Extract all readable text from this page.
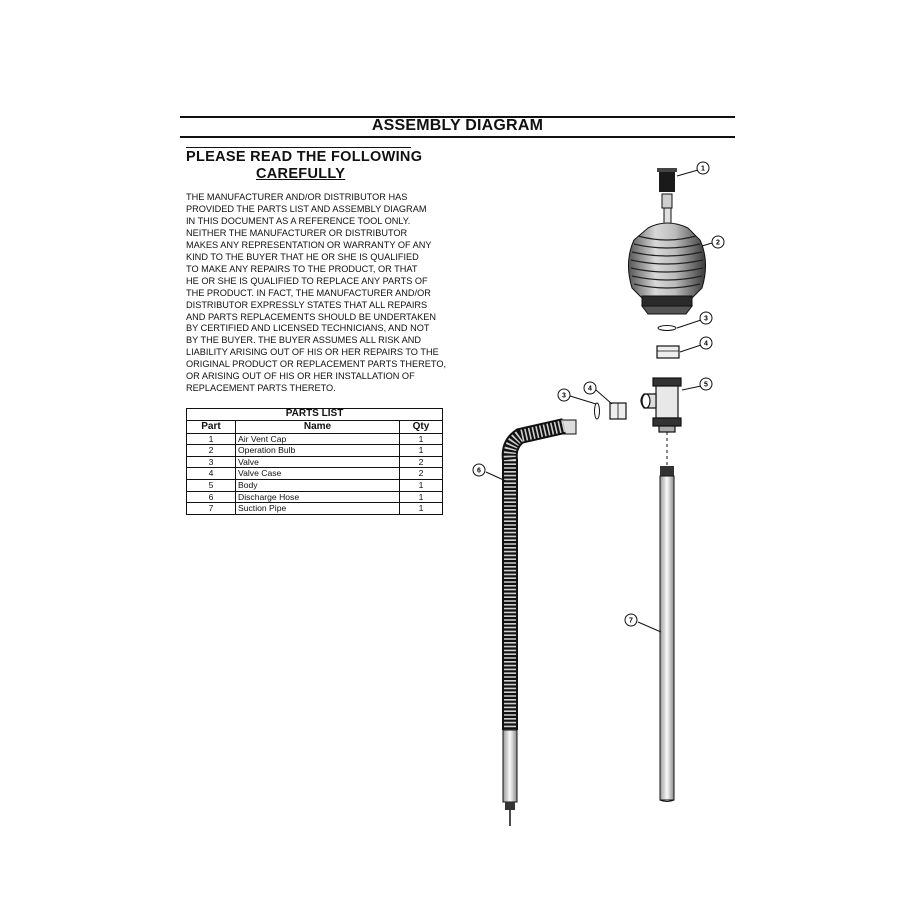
ASSEMBLY DIAGRAM
PLEASE READ THE FOLLOWING
CAREFULLY
THE MANUFACTURER AND/OR DISTRIBUTOR HAS
PROVIDED THE PARTS LIST AND ASSEMBLY DIAGRAM
IN THIS DOCUMENT AS A REFERENCE TOOL ONLY.
NEITHER THE MANUFACTURER OR DISTRIBUTOR
MAKES ANY REPRESENTATION OR WARRANTY OF ANY
KIND TO THE BUYER THAT HE OR SHE IS QUALIFIED
TO MAKE ANY REPAIRS TO THE PRODUCT, OR THAT
HE OR SHE IS QUALIFIED TO REPLACE ANY PARTS OF
THE PRODUCT. IN FACT, THE MANUFACTURER AND/OR
DISTRIBUTOR EXPRESSLY STATES THAT ALL REPAIRS
AND PARTS REPLACEMENTS SHOULD BE UNDERTAKEN
BY CERTIFIED AND LICENSED TECHNICIANS, AND NOT
BY THE BUYER. THE BUYER ASSUMES ALL RISK AND
LIABILITY ARISING OUT OF HIS OR HER REPAIRS TO THE
ORIGINAL PRODUCT OR REPLACEMENT PARTS THERETO,
OR ARISING OUT OF HIS OR HER INSTALLATION OF
REPLACEMENT PARTS THERETO.
PARTS LIST		
Part	Name	Qty
1	Air Vent Cap	1
2	Operation Bulb	1
3	Valve	2
4	Valve Case	2
5	Body	1
6	Discharge Hose	1
7	Suction Pipe	1
1
2
3
4
5
3
4
6
7
